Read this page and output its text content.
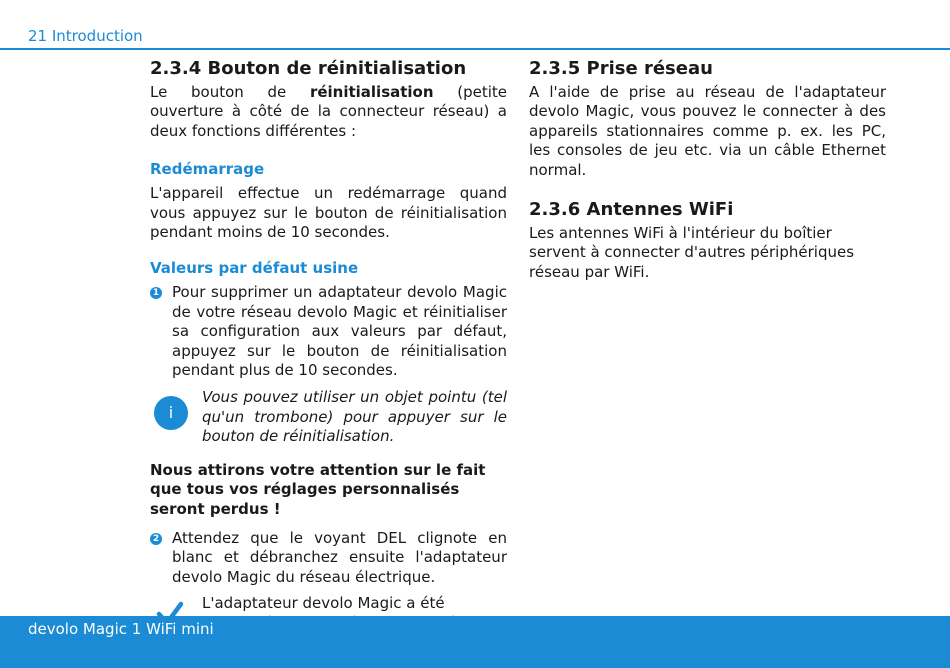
21 Introduction
2.3.4 Bouton de réinitialisation

Le bouton de réinitialisation (petite ouverture à côté de la connecteur réseau) a deux fonctions différentes :

Redémarrage

L'appareil effectue un redémarrage quand vous appuyez sur le bouton de réinitialisation pendant moins de 10 secondes.

Valeurs par défaut usine
1 Pour supprimer un adaptateur devolo Magic de votre réseau devolo Magic et réinitialiser sa configuration aux valeurs par défaut, appuyez sur le bouton de réinitialisation pendant plus de 10 secondes.

i

Vous pouvez utiliser un objet pointu (tel qu'un trombone) pour appuyer sur le bouton de réinitialisation.

Nous attirons votre attention sur le fait que tous vos réglages personnalisés seront perdus !

2 Attendez que le voyant DEL clignote en blanc et débranchez ensuite l'adaptateur devolo Magic du réseau électrique.

L'adaptateur devolo Magic a été

2.3.5 Prise réseau

A l'aide de prise au réseau de l'adaptateur devolo Magic, vous pouvez le connecter à des appareils stationnaires comme p. ex. les PC, les consoles de jeu etc. via un câble Ethernet normal.

2.3.6 Antennes WiFi

Les antennes WiFi à l'intérieur du boîtier servent à connecter d'autres périphériques réseau par WiFi.

devolo Magic 1 WiFi mini
